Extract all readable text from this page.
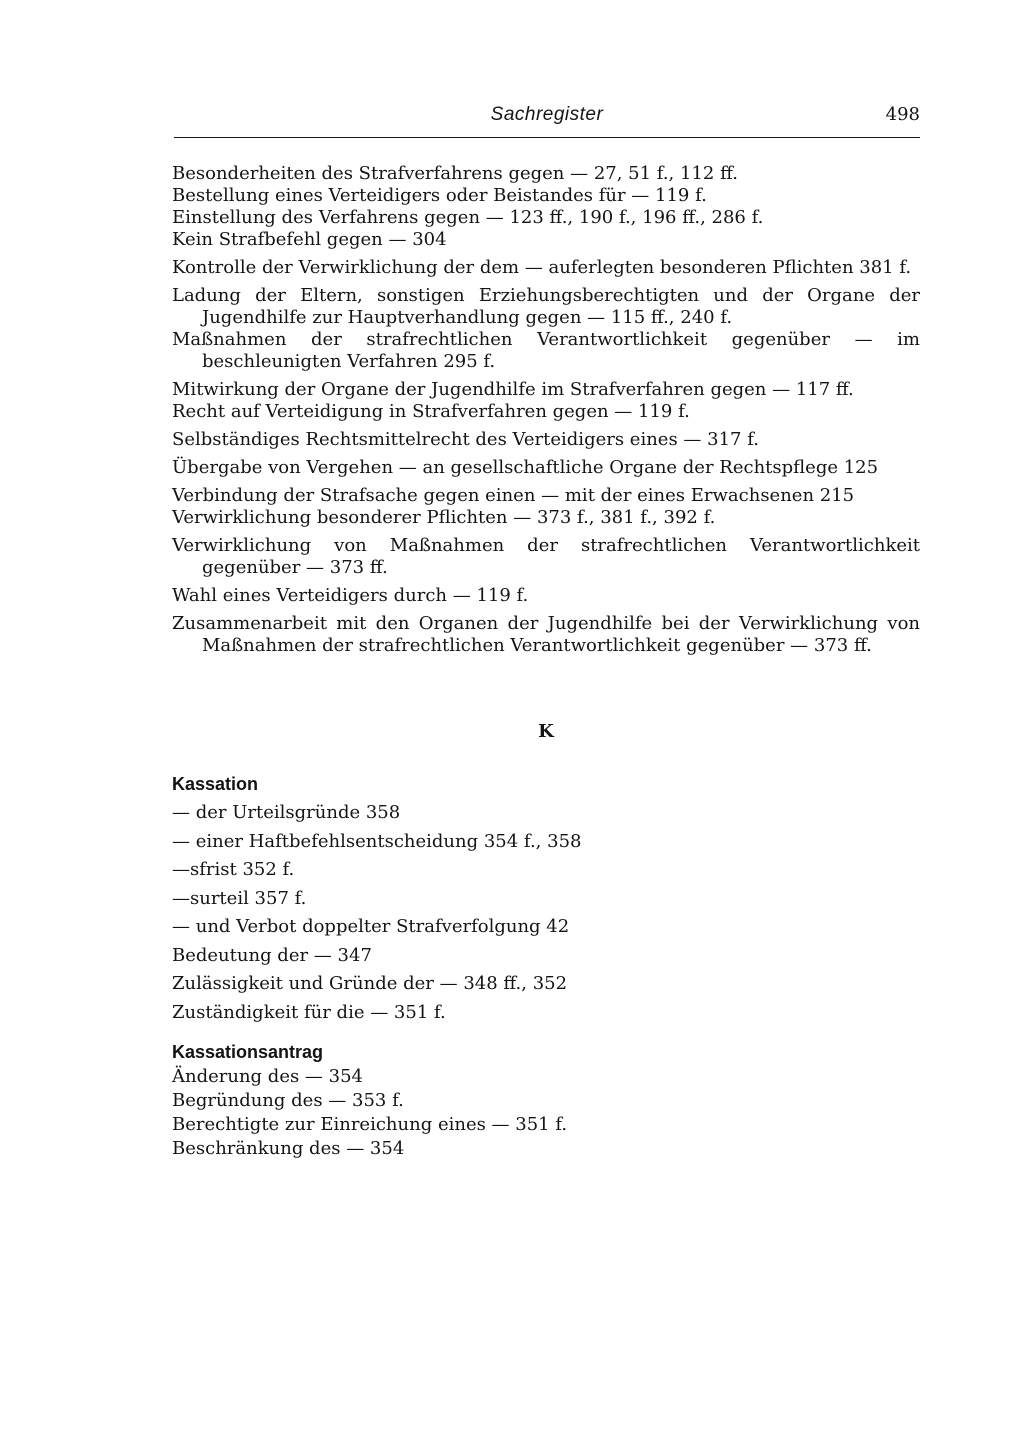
Sachregister	498
Besonderheiten des Strafverfahrens gegen — 27, 51 f., 112 ff.
Bestellung eines Verteidigers oder Beistandes für — 119 f.
Einstellung des Verfahrens gegen — 123 ff., 190 f., 196 ff., 286 f.
Kein Strafbefehl gegen — 304
Kontrolle der Verwirklichung der dem — auferlegten besonderen Pflichten 381 f.
Ladung der Eltern, sonstigen Erziehungsberechtigten und der Organe der Jugendhilfe zur Hauptverhandlung gegen — 115 ff., 240 f.
Maßnahmen der strafrechtlichen Verantwortlichkeit gegenüber — im beschleunigten Verfahren 295 f.
Mitwirkung der Organe der Jugendhilfe im Strafverfahren gegen — 117 ff.
Recht auf Verteidigung in Strafverfahren gegen — 119 f.
Selbständiges Rechtsmittelrecht des Verteidigers eines — 317 f.
Übergabe von Vergehen — an gesellschaftliche Organe der Rechtspflege 125
Verbindung der Strafsache gegen einen — mit der eines Erwachsenen 215
Verwirklichung besonderer Pflichten — 373 f., 381 f., 392 f.
Verwirklichung von Maßnahmen der strafrechtlichen Verantwortlichkeit gegenüber — 373 ff.
Wahl eines Verteidigers durch — 119 f.
Zusammenarbeit mit den Organen der Jugendhilfe bei der Verwirklichung von Maßnahmen der strafrechtlichen Verantwortlichkeit gegenüber — 373 ff.
K
Kassation
— der Urteilsgründe 358
— einer Haftbefehlsentscheidung 354 f., 358
—sfrist 352 f.
—surteil 357 f.
— und Verbot doppelter Strafverfolgung 42
Bedeutung der — 347
Zulässigkeit und Gründe der — 348 ff., 352
Zuständigkeit für die — 351 f.
Kassationsantrag
Änderung des — 354
Begründung des — 353 f.
Berechtigte zur Einreichung eines — 351 f.
Beschränkung des — 354
